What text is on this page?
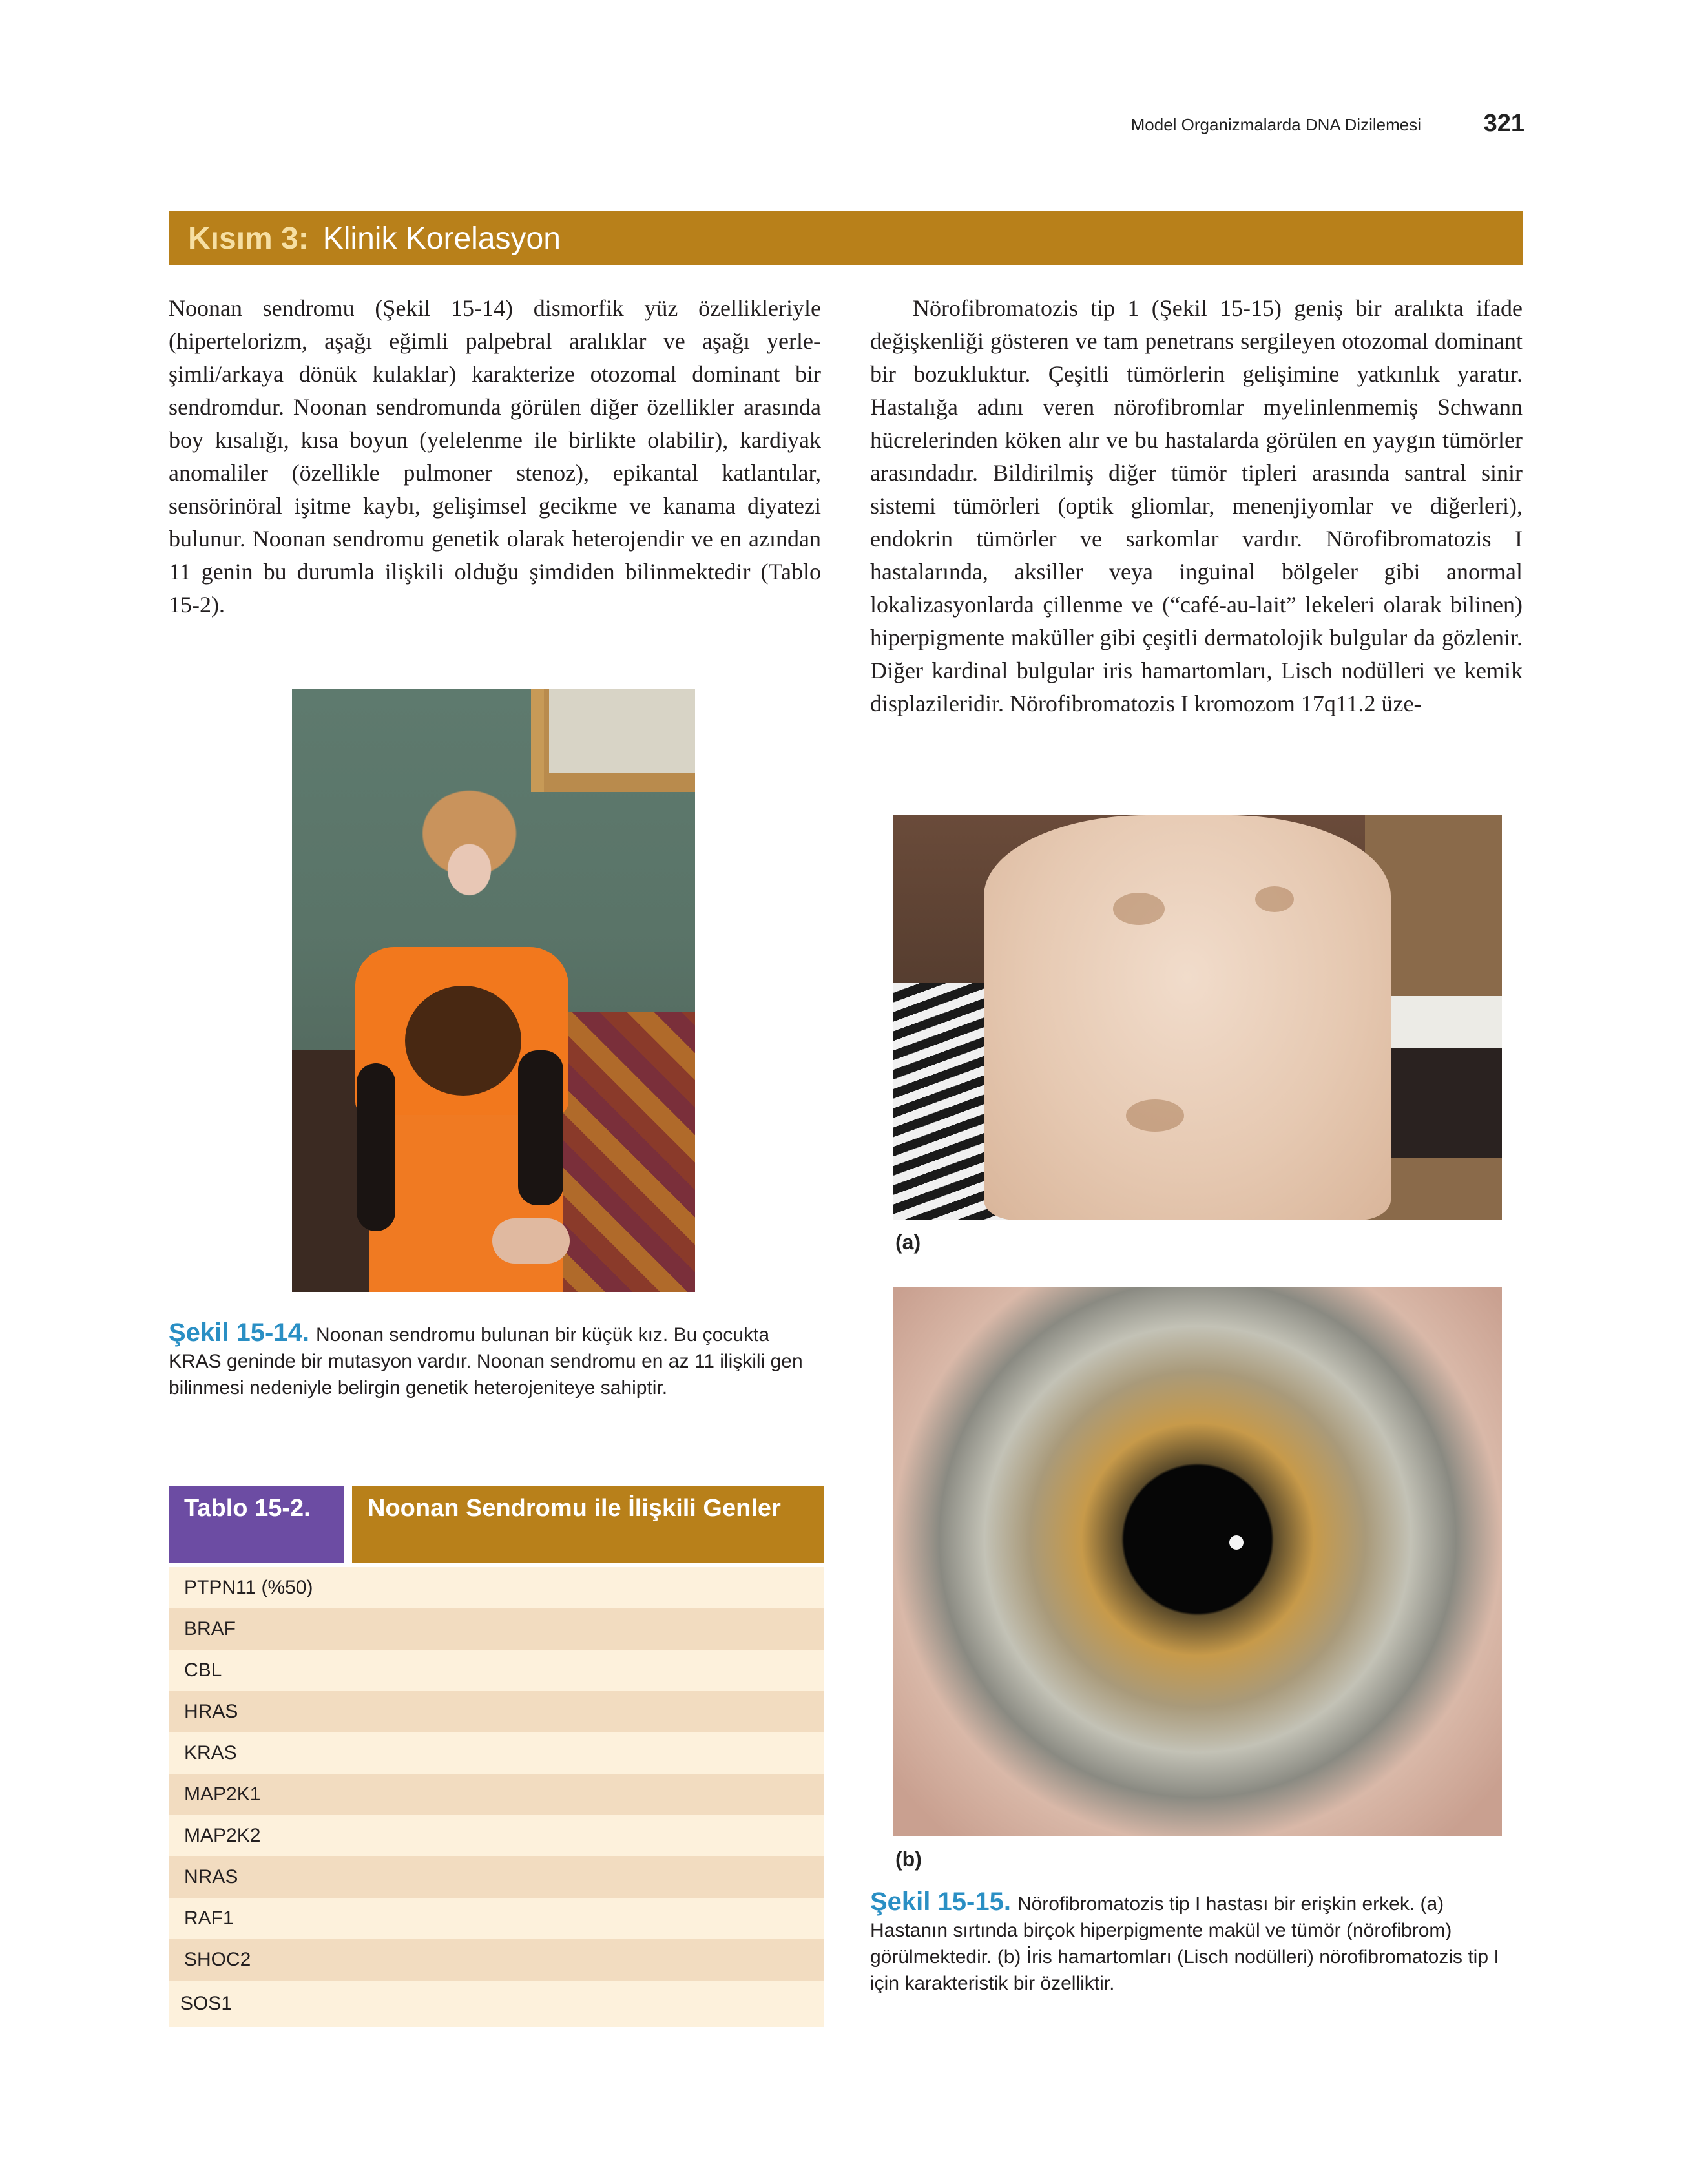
Model Organizmalarda DNA Dizilemesi	321
Kısım 3: Klinik Korelasyon
Noonan sendromu (Şekil 15-14) dismorfik yüz özellikleriyle (hipertelorizm, aşağı eğimli palpebral aralıklar ve aşağı yerleşimli/arkaya dönük kulaklar) karakterize otozomal dominant bir sendromdur. Noonan sendromunda görülen diğer özellikler arasında boy kısalığı, kısa boyun (yelelenme ile birlikte olabilir), kardiyak anomaliler (özellikle pulmoner stenoz), epikantal katlantılar, sensörinöral işitme kaybı, gelişimsel gecikme ve kanama diyatezi bulunur. Noonan sendromu genetik olarak heterojendir ve en azından 11 genin bu durumla ilişkili olduğu şimdiden bilinmektedir (Tablo 15-2).
Nörofibromatozis tip 1 (Şekil 15-15) geniş bir aralıkta ifade değişkenliği gösteren ve tam penetrans sergileyen otozomal dominant bir bozukluktur. Çeşitli tümörlerin gelişimine yatkınlık yaratır. Hastalığa adını veren nörofibromlar myelinlenmemiş Schwann hücrelerinden köken alır ve bu hastalarda görülen en yaygın tümörler arasındadır. Bildirilmiş diğer tümör tipleri arasında santral sinir sistemi tümörleri (optik gliomlar, menenjiyomlar ve diğerleri), endokrin tümörler ve sarkomlar vardır. Nörofibromatozis I hastalarında, aksiller veya inguinal bölgeler gibi anormal lokalizasyonlarda çillenme ve (“café-au-lait” lekeleri olarak bilinen) hiperpigmente maküller gibi çeşitli dermatolojik bulgular da gözlenir. Diğer kardinal bulgular iris hamartomları, Lisch nodülleri ve kemik displazileridir. Nörofibromatozis I kromozom 17q11.2 üze-
Şekil 15-14. Noonan sendromu bulunan bir küçük kız. Bu çocukta KRAS geninde bir mutasyon vardır. Noonan sendromu en az 11 ilişkili gen bilinmesi nedeniyle belirgin genetik heterojeniteye sahiptir.
Tablo 15-2.	Noonan Sendromu ile İlişkili Genler
PTPN11 (%50)
BRAF
CBL
HRAS
KRAS
MAP2K1
MAP2K2
NRAS
RAF1
SHOC2
SOS1
(a)
(b)
Şekil 15-15. Nörofibromatozis tip I hastası bir erişkin erkek. (a) Hastanın sırtında birçok hiperpigmente makül ve tümör (nörofibrom) görülmektedir. (b) İris hamartomları (Lisch nodülleri) nörofibromatozis tip I için karakteristik bir özelliktir.
